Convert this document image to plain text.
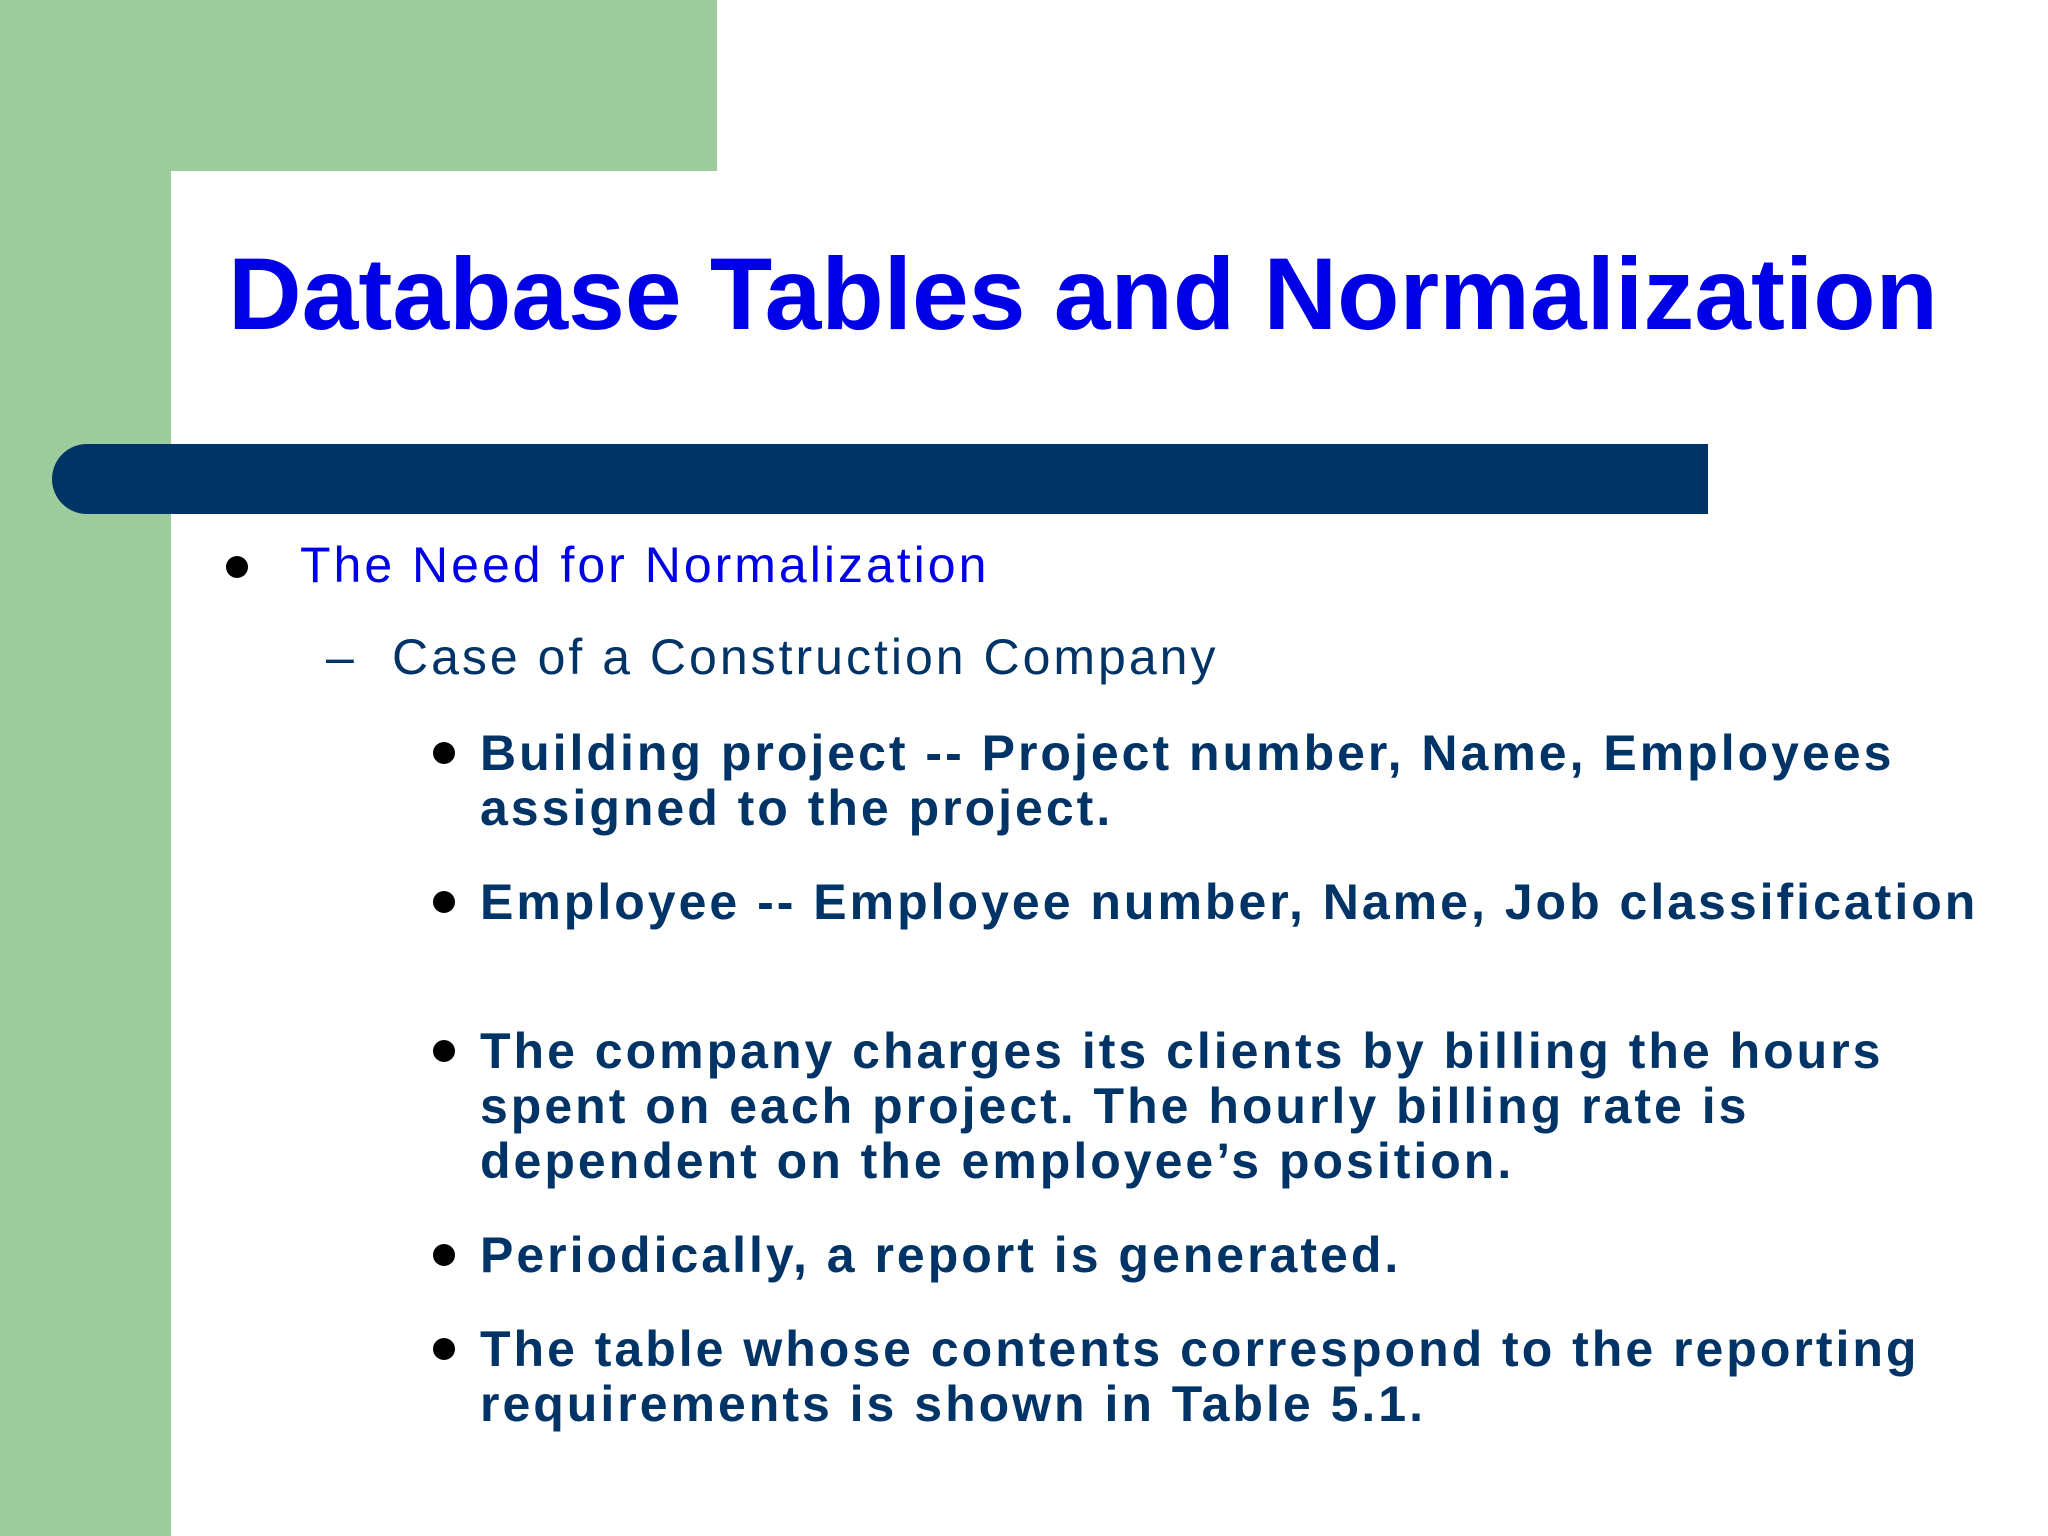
Database Tables and Normalization
The Need for Normalization
– Case of a Construction Company
Building project -- Project number, Name, Employees assigned to the project.
Employee -- Employee number, Name, Job classification
The company charges its clients by billing the hours spent on each project. The hourly billing rate is dependent on the employee’s position.
Periodically, a report is generated.
The table whose contents correspond to the reporting requirements is shown in Table 5.1.
